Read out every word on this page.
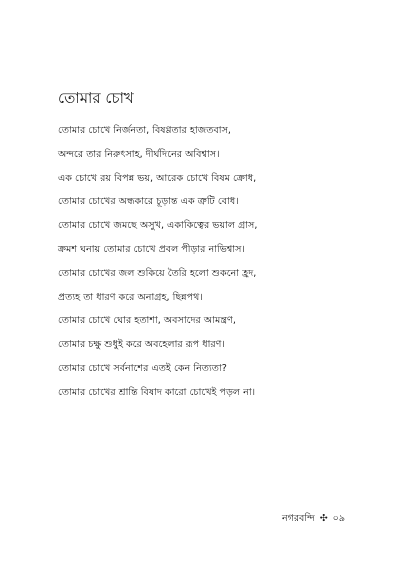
তোমার চোখ
তোমার চোখে নির্জনতা, বিষণ্ণতার হাজতবাস,
অন্দরে তার নিরুৎসাহ, দীর্ঘদিনের অবিশ্বাস।
এক চোখে রয় বিপন্ন ভয়, আরেক চোখে বিষম ক্রোধ,
তোমার চোখের অন্ধকারে চূড়ান্ত এক ত্রুটি বোধ।
তোমার চোখে জমছে অসুখ, একাকিত্বের ভয়াল গ্রাস,
ক্রমশ ঘনায় তোমার চোখে প্রবল পীড়ার নাভিশ্বাস।
তোমার চোখের জল শুকিয়ে তৈরি হলো শুকনো হ্রদ,
প্রত্যহ তা ধারণ করে অনাগ্রহ, ছিন্নপথ।
তোমার চোখে ঘোর হতাশা, অবসাদের আমন্ত্রণ,
তোমার চক্ষু শুধুই করে অবহেলার রূপ ধারণ।
তোমার চোখে সর্বনাশের এতই কেন নিত্যতা?
তোমার চোখের শ্রান্তি বিষাদ কারো চোখেই পড়ল না।
নগরবন্দি ✣ ০৯
